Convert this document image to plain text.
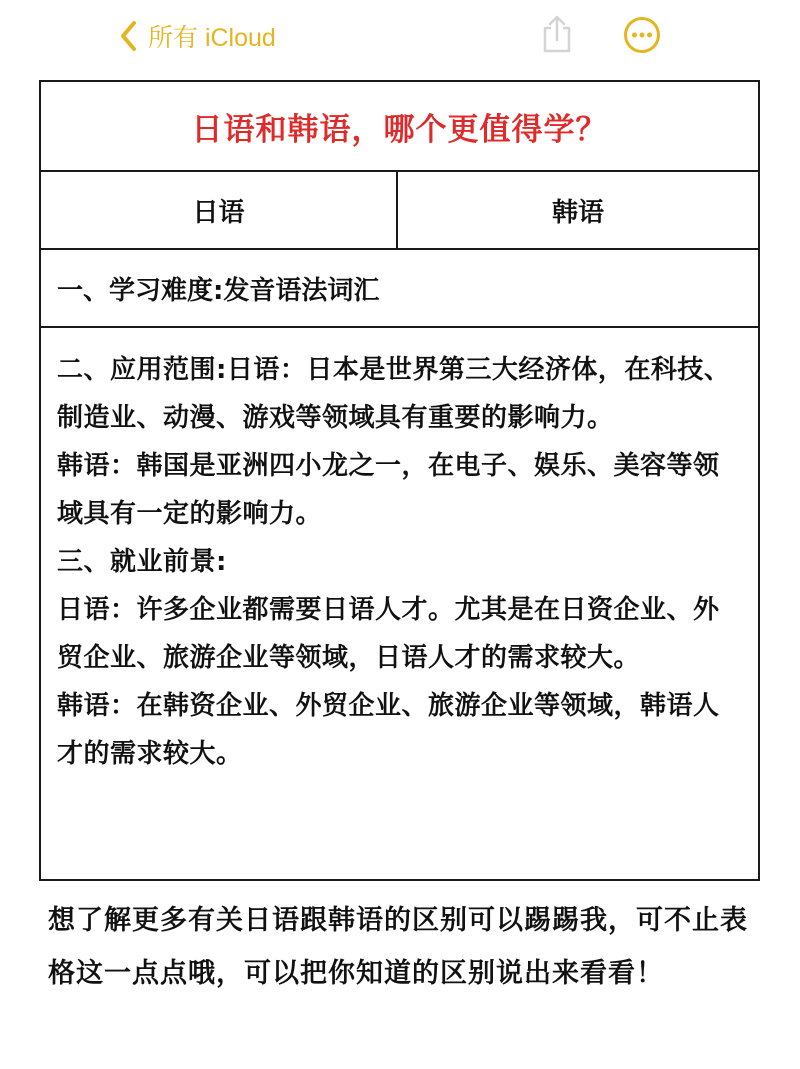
所有 iCloud
日语和韩语，哪个更值得学？
日语	韩语
一、学习难度:发音语法词汇

二、应用范围:日语：日本是世界第三大经济体，在科技、制造业、动漫、游戏等领域具有重要的影响力。

韩语：韩国是亚洲四小龙之一，在电子、娱乐、美容等领域具有一定的影响力。

三、就业前景:

日语：许多企业都需要日语人才。尤其是在日资企业、外贸企业、旅游企业等领域，日语人才的需求较大。

韩语：在韩资企业、外贸企业、旅游企业等领域，韩语人才的需求较大。

想了解更多有关日语跟韩语的区别可以踢踢我，可不止表格这一点点哦，可以把你知道的区别说出来看看！
